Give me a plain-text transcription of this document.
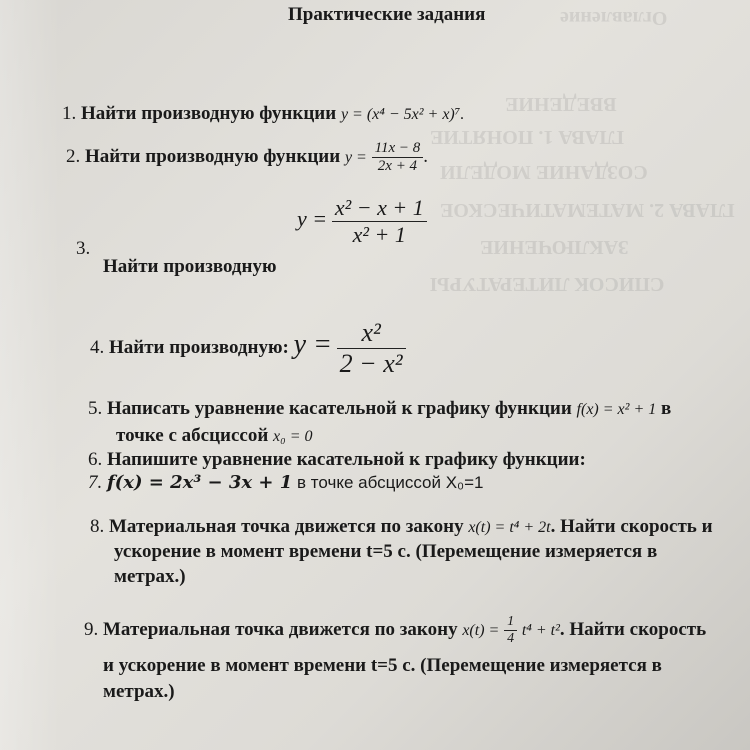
Оглавление
ВВЕДЕНИЕ
ГЛАВА 1. ПОНЯТИЕ
СОЗДАНИЕ МОДЕЛИ
ГЛАВА 2. МАТЕМАТИЧЕСКОЕ
ЗАКЛЮЧЕНИЕ
СПИСОК ЛИТЕРАТУРЫ
Практические задания
1. Найти производную функции y = (x⁴ − 5x² + x)⁷.
2. Найти производную функции $y = \frac{11x - 8}{2x + 4}$ .
$y = \frac{\text{x² − x + 1}}{\text{x² + 1}}$
3.
Найти производную
4. Найти производную: $y = \frac{\text{x²}}{\text{2 − x²}}$
5. Написать уравнение касательной к графику функции f(x) = x² + 1 в
точке с абсциссой x₀ = 0
6. Напишите уравнение касательной к графику функции:
7. f(x) = 2x³ − 3x + 1 в точке абсциссой X₀=1
8. Материальная точка движется по закону x(t) = t⁴ + 2t. Найти скорость и
ускорение в момент времени t=5 с. (Перемещение измеряется в
метрах.)
9. Материальная точка движется по закону $x(t) = \frac{1}{4} t^4 + t^2$. Найти скорость
и ускорение в момент времени t=5 с. (Перемещение измеряется в
метрах.)
